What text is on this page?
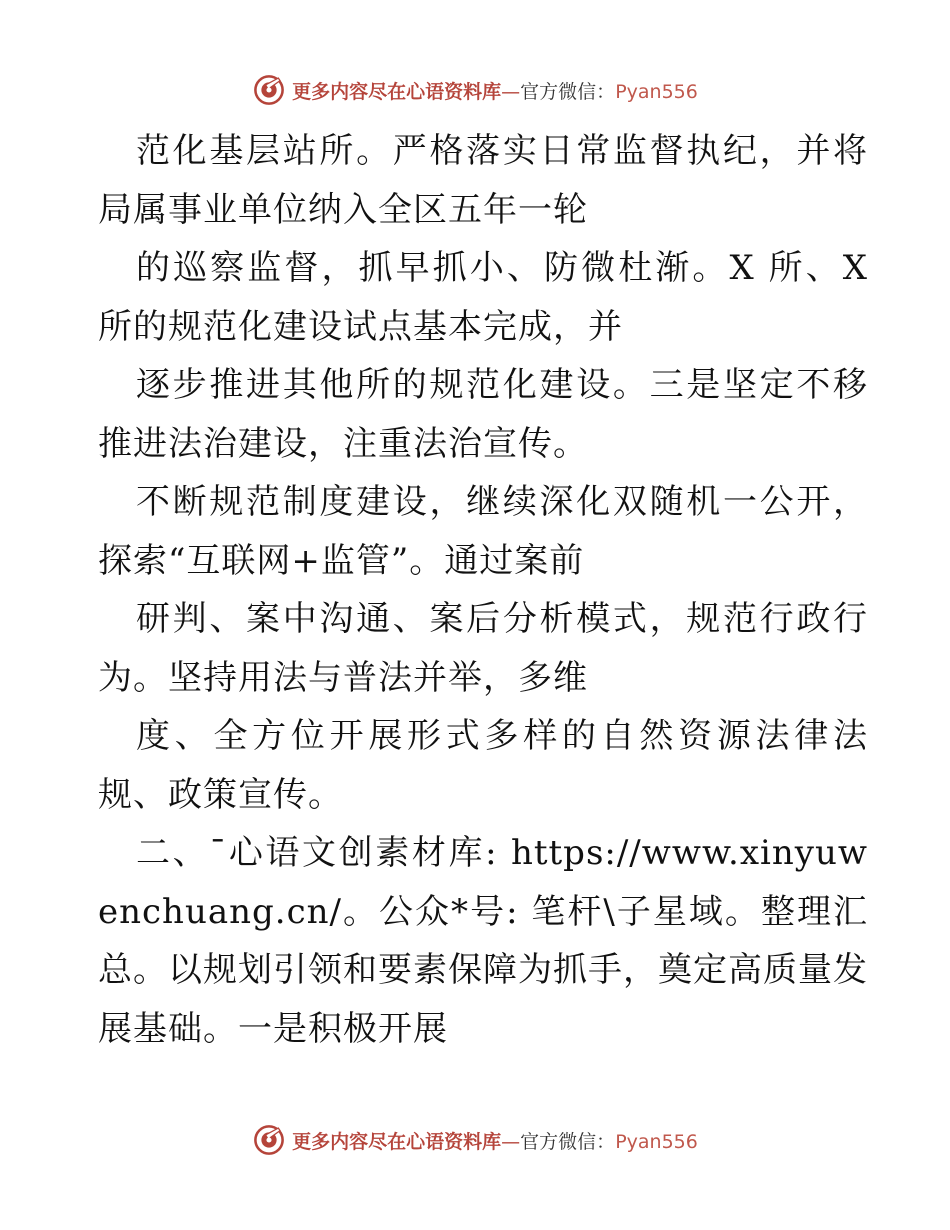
更多内容尽在心语资料库—官方微信：Pyan556

范化基层站所。严格落实日常监督执纪，并将局属事业单位纳入全区五年一轮

的巡察监督，抓早抓小、防微杜渐。X 所、X 所的规范化建设试点基本完成，并

逐步推进其他所的规范化建设。三是坚定不移推进法治建设，注重法治宣传。

不断规范制度建设，继续深化双随机一公开，探索“互联网+监管”。通过案前

研判、案中沟通、案后分析模式，规范行政行为。坚持用法与普法并举，多维

度、全方位开展形式多样的自然资源法律法规、政策宣传。

二、¯心语文创素材库: https://www.xinyuwenchuang.cn/。公众*号: 笔杆\子星域。整理汇总。以规划引领和要素保障为抓手，奠定高质量发展基础。一是积极开展

更多内容尽在心语资料库—官方微信：Pyan556
